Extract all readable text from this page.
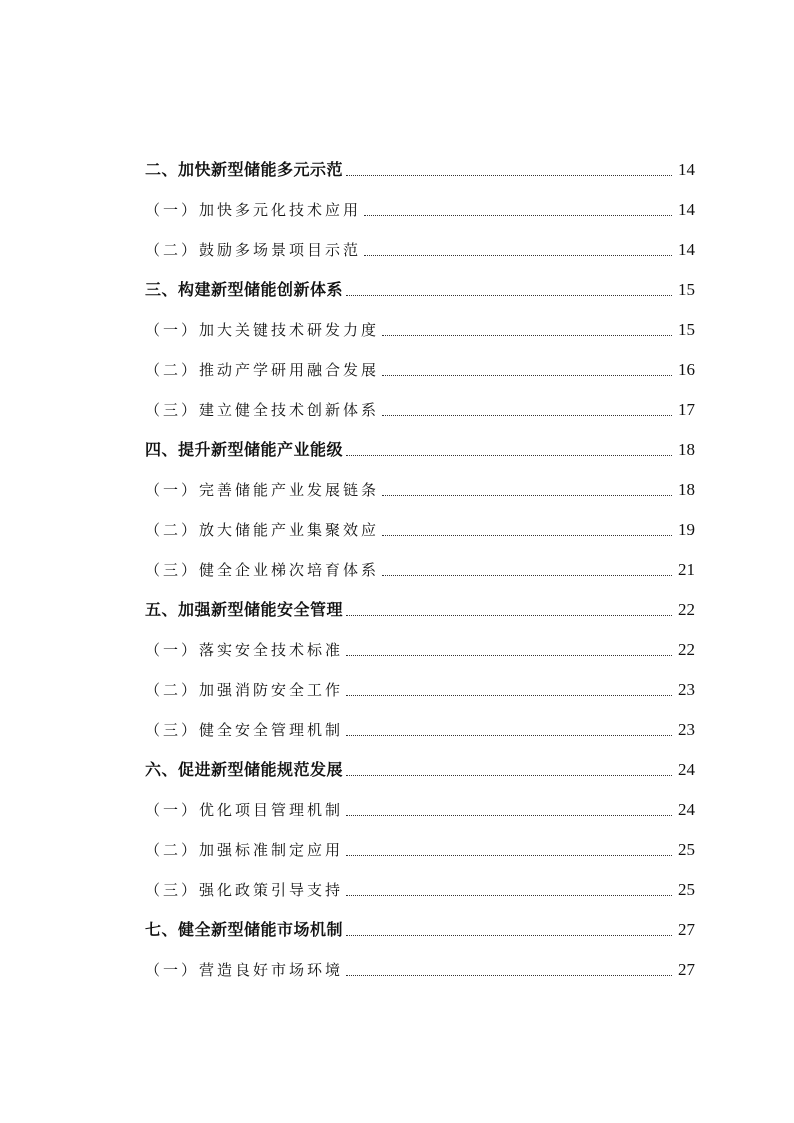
二、加快新型储能多元示范	14
（一）加快多元化技术应用	14
（二）鼓励多场景项目示范	14
三、构建新型储能创新体系	15
（一）加大关键技术研发力度	15
（二）推动产学研用融合发展	16
（三）建立健全技术创新体系	17
四、提升新型储能产业能级	18
（一）完善储能产业发展链条	18
（二）放大储能产业集聚效应	19
（三）健全企业梯次培育体系	21
五、加强新型储能安全管理	22
（一）落实安全技术标准	22
（二）加强消防安全工作	23
（三）健全安全管理机制	23
六、促进新型储能规范发展	24
（一）优化项目管理机制	24
（二）加强标准制定应用	25
（三）强化政策引导支持	25
七、健全新型储能市场机制	27
（一）营造良好市场环境	27
